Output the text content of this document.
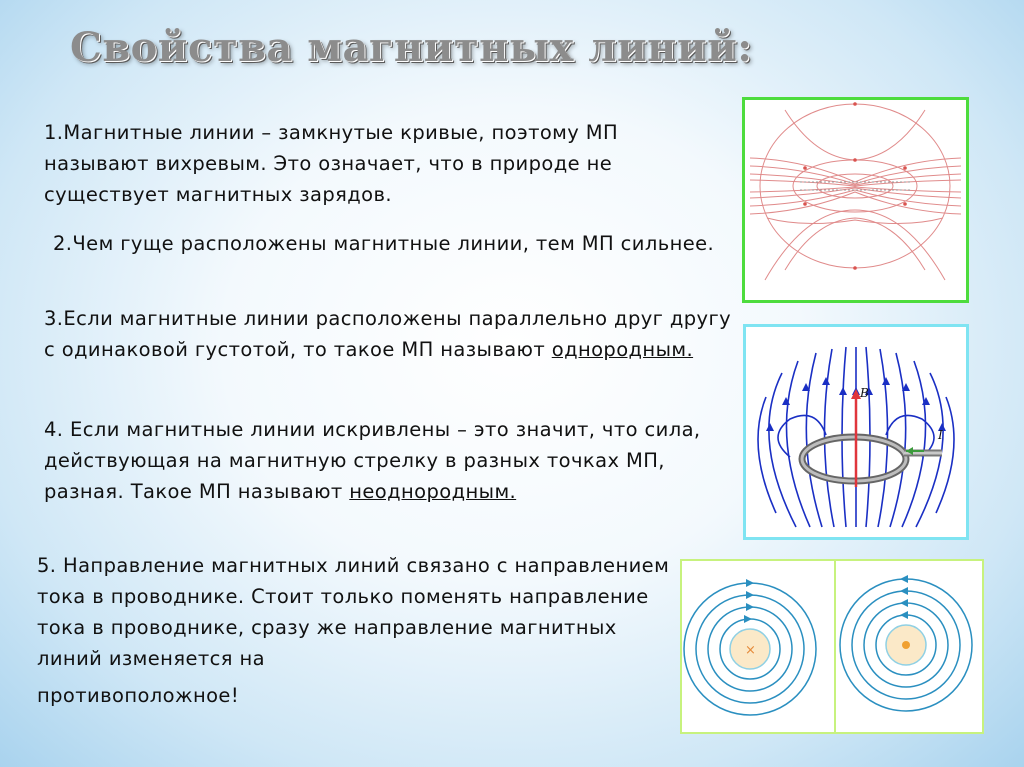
Свойства магнитных линий:
1.Магнитные линии – замкнутые кривые, поэтому МП называют вихревым. Это означает, что в природе не существует магнитных зарядов.
2.Чем гуще расположены магнитные линии, тем МП сильнее.
3.Если магнитные линии расположены параллельно друг другу с одинаковой густотой, то такое МП называют однородным.
4. Если магнитные линии искривлены – это значит, что сила, действующая на магнитную стрелку в разных точках МП, разная. Такое МП называют неоднородным.
5. Направление магнитных линий связано с направлением тока в проводнике. Стоит только поменять направление тока в проводнике, сразу же направление магнитных линий изменяется на
противоположное!
B
I
×
